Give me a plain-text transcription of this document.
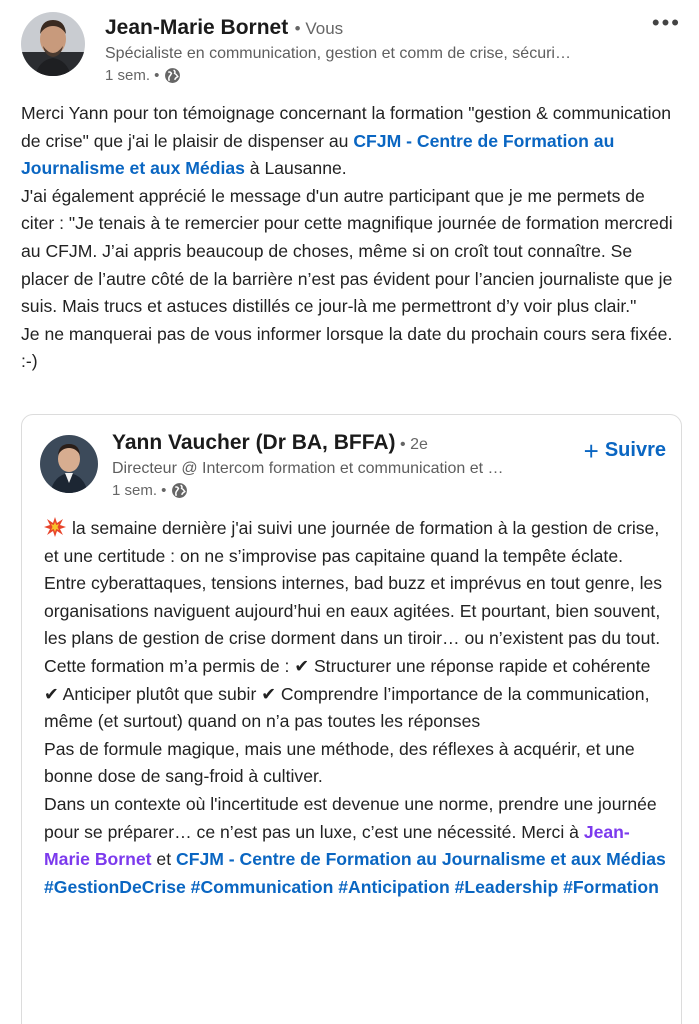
Jean-Marie Bornet • Vous
Spécialiste en communication, gestion et comm de crise, sécuri…
1 sem. •
•••

Merci Yann pour ton témoignage concernant la formation "gestion & communication de crise" que j'ai le plaisir de dispenser au CFJM - Centre de Formation au Journalisme et aux Médias à Lausanne.

J'ai également apprécié le message d'un autre participant que je me permets de citer : "Je tenais à te remercier pour cette magnifique journée de formation mercredi au CFJM. J’ai appris beaucoup de choses, même si on croît tout connaître. Se placer de l’autre côté de la barrière n’est pas évident pour l’ancien journaliste que je suis. Mais trucs et astuces distillés ce jour-là me permettront d’y voir plus clair."

Je ne manquerai pas de vous informer lorsque la date du prochain cours sera fixée. :-)

Yann Vaucher (Dr BA, BFFA) • 2e
Directeur @ Intercom formation et communication et …
1 sem. •
+ Suivre

la semaine dernière j'ai suivi une journée de formation à la gestion de crise, et une certitude : on ne s’improvise pas capitaine quand la tempête éclate.

Entre cyberattaques, tensions internes, bad buzz et imprévus en tout genre, les organisations naviguent aujourd’hui en eaux agitées. Et pourtant, bien souvent, les plans de gestion de crise dorment dans un tiroir… ou n’existent pas du tout.

Cette formation m’a permis de : ✔ Structurer une réponse rapide et cohérente ✔ Anticiper plutôt que subir ✔ Comprendre l’importance de la communication, même (et surtout) quand on n’a pas toutes les réponses

Pas de formule magique, mais une méthode, des réflexes à acquérir, et une bonne dose de sang-froid à cultiver.

Dans un contexte où l'incertitude est devenue une norme, prendre une journée pour se préparer… ce n’est pas un luxe, c’est une nécessité. Merci à Jean-Marie Bornet et CFJM - Centre de Formation au Journalisme et aux Médias

#GestionDeCrise #Communication #Anticipation #Leadership #Formation
